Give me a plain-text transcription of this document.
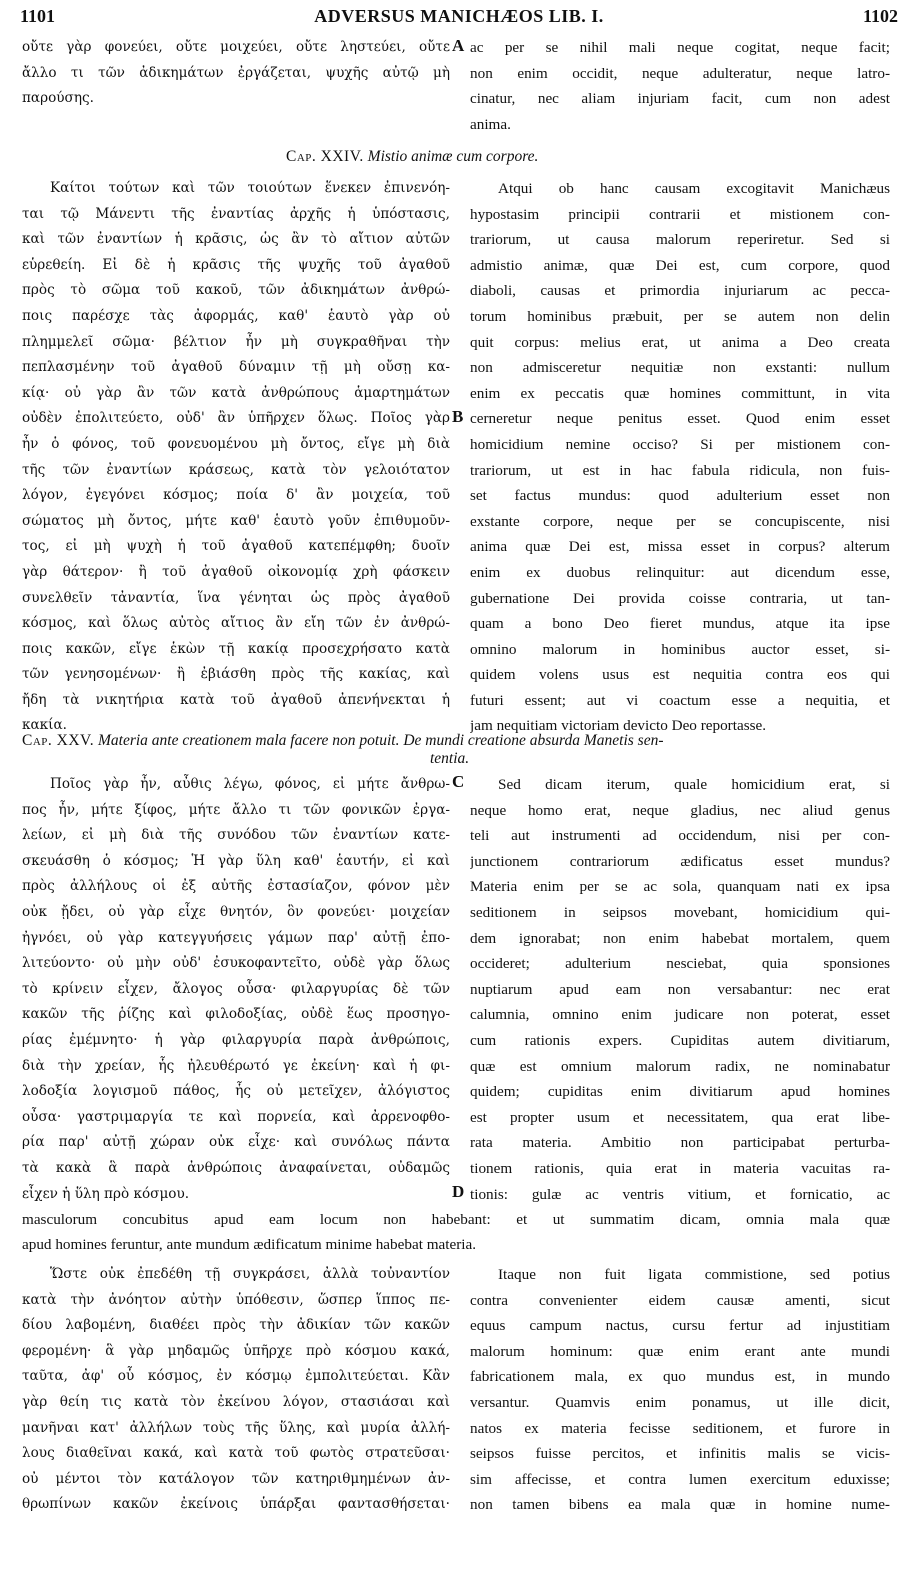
1101	ADVERSUS MANICHÆOS LIB. I.	1102
οὔτε γὰρ φονεύει, οὔτε μοιχεύει, οὔτε ληστεύει, οὔτε
ἄλλο τι τῶν ἀδικημάτων ἐργάζεται, ψυχῆς αὐτῷ μὴ
παρούσης.
ac per se nihil mali neque cogitat, neque facit;
non enim occidit, neque adulteratur, neque latro-
cinatur, nec aliam injuriam facit, cum non adest
anima.
A
Cap. XXIV. Mistio animæ cum corpore.
Καίτοι τούτων καὶ τῶν τοιούτων ἕνεκεν ἐπινενόη-
ται τῷ Μάνεντι τῆς ἐναντίας ἀρχῆς ἡ ὑπόστασις,
καὶ τῶν ἐναντίων ἡ κρᾶσις, ὡς ἂν τὸ αἴτιον αὐτῶν
εὑρεθείη. Εἰ δὲ ἡ κρᾶσις τῆς ψυχῆς τοῦ ἀγαθοῦ
πρὸς τὸ σῶμα τοῦ κακοῦ, τῶν ἀδικημάτων ἀνθρώ-
ποις παρέσχε τὰς ἀφορμάς, καθ' ἑαυτὸ γὰρ οὐ
πλημμελεῖ σῶμα· βέλτιον ἦν μὴ συγκραθῆναι τὴν
πεπλασμένην τοῦ ἀγαθοῦ δύναμιν τῇ μὴ οὔσῃ κα-
κίᾳ· οὐ γὰρ ἂν τῶν κατὰ ἀνθρώπους ἁμαρτημάτων
οὐδὲν ἐπολιτεύετο, οὐδ' ἂν ὑπῆρχεν ὅλως. Ποῖος γὰρ
ἦν ὁ φόνος, τοῦ φονευομένου μὴ ὄντος, εἴγε μὴ διὰ
τῆς τῶν ἐναντίων κράσεως, κατὰ τὸν γελοιότατον
λόγον, ἐγεγόνει κόσμος; ποία δ' ἂν μοιχεία, τοῦ
σώματος μὴ ὄντος, μήτε καθ' ἑαυτὸ γοῦν ἐπιθυμοῦν-
τος, εἰ μὴ ψυχὴ ἡ τοῦ ἀγαθοῦ κατεπέμφθη; δυοῖν
γὰρ θάτερον· ἢ τοῦ ἀγαθοῦ οἰκονομίᾳ χρὴ φάσκειν
συνελθεῖν τἀναντία, ἵνα γένηται ὡς πρὸς ἀγαθοῦ
κόσμος, καὶ ὅλως αὐτὸς αἴτιος ἂν εἴη τῶν ἐν ἀνθρώ-
ποις κακῶν, εἴγε ἑκὼν τῇ κακίᾳ προσεχρήσατο κατὰ
τῶν γενησομένων· ἢ ἐβιάσθη πρὸς τῆς κακίας, καὶ
ἤδη τὰ νικητήρια κατὰ τοῦ ἀγαθοῦ ἀπενήνεκται ἡ
κακία.
Atqui ob hanc causam excogitavit Manichæus
hypostasim principii contrarii et mistionem con-
trariorum, ut causa malorum reperiretur. Sed si
admistio animæ, quæ Dei est, cum corpore, quod
diaboli, causas et primordia injuriarum ac pecca-
torum hominibus præbuit, per se autem non delin
quit corpus: melius erat, ut anima a Deo creata
non admisceretur nequitiæ non exstanti: nullum
enim ex peccatis quæ homines committunt, in vita
cerneretur neque penitus esset. Quod enim esset
homicidium nemine occiso? Si per mistionem con-
trariorum, ut est in hac fabula ridicula, non fuis-
set factus mundus: quod adulterium esset non
exstante corpore, neque per se concupiscente, nisi
anima quæ Dei est, missa esset in corpus? alterum
enim ex duobus relinquitur: aut dicendum esse,
gubernatione Dei provida coisse contraria, ut tan-
quam a bono Deo fieret mundus, atque ita ipse
omnino malorum in hominibus auctor esset, si-
quidem volens usus est nequitia contra eos qui
futuri essent; aut vi coactum esse a nequitia, et
jam nequitiam victoriam devicto Deo reportasse.
B
Cap. XXV. Materia ante creationem mala facere non potuit. De mundi creatione absurda Manetis sen-
tentia.
Ποῖος γὰρ ἦν, αὖθις λέγω, φόνος, εἰ μήτε ἄνθρω-
πος ἦν, μήτε ξίφος, μήτε ἄλλο τι τῶν φονικῶν ἐργα-
λείων, εἰ μὴ διὰ τῆς συνόδου τῶν ἐναντίων κατε-
σκευάσθη ὁ κόσμος; Ἡ γὰρ ὕλη καθ' ἑαυτήν, εἰ καὶ
πρὸς ἀλλήλους οἱ ἐξ αὐτῆς ἐστασίαζον, φόνον μὲν
οὐκ ᾔδει, οὐ γὰρ εἶχε θνητόν, ὃν φονεύει· μοιχείαν
ἠγνόει, οὐ γὰρ κατεγγυήσεις γάμων παρ' αὐτῇ ἐπο-
λιτεύοντο· οὐ μὴν οὐδ' ἐσυκοφαντεῖτο, οὐδὲ γὰρ ὅλως
τὸ κρίνειν εἶχεν, ἄλογος οὖσα· φιλαργυρίας δὲ τῶν
κακῶν τῆς ῥίζης καὶ φιλοδοξίας, οὐδὲ ἕως προσηγο-
ρίας ἐμέμνητο· ἡ γὰρ φιλαργυρία παρὰ ἀνθρώποις,
διὰ τὴν χρείαν, ἧς ἠλευθέρωτό γε ἐκείνη· καὶ ἡ φι-
λοδοξία λογισμοῦ πάθος, ἧς οὐ μετεῖχεν, ἀλόγιστος
οὖσα· γαστριμαργία τε καὶ πορνεία, καὶ ἀρρενοφθο-
ρία παρ' αὐτῇ χώραν οὐκ εἶχε· καὶ συνόλως πάντα
τὰ κακὰ ἃ παρὰ ἀνθρώποις ἀναφαίνεται, οὐδαμῶς
εἶχεν ἡ ὕλη πρὸ κόσμου.
Sed dicam iterum, quale homicidium erat, si
neque homo erat, neque gladius, nec aliud genus
teli aut instrumenti ad occidendum, nisi per con-
junctionem contrariorum ædificatus esset mundus?
Materia enim per se ac sola, quanquam nati ex ipsa
seditionem in seipsos movebant, homicidium qui-
dem ignorabat; non enim habebat mortalem, quem
occideret; adulterium nesciebat, quia sponsiones
nuptiarum apud eam non versabantur: nec erat
calumnia, omnino enim judicare non poterat, esset
cum rationis expers. Cupiditas autem divitiarum,
quæ est omnium malorum radix, ne nominabatur
quidem; cupiditas enim divitiarum apud homines
est propter usum et necessitatem, qua erat libe-
rata materia. Ambitio non participabat perturba-
tionem rationis, quia erat in materia vacuitas ra-
tionis: gulæ ac ventris vitium, et fornicatio, ac
C
D
masculorum concubitus apud eam locum non habebant: et ut summatim dicam, omnia mala quæ
apud homines feruntur, ante mundum ædificatum minime habebat materia.
Ὥστε οὐκ ἐπεδέθη τῇ συγκράσει, ἀλλὰ τοὐναντίον
κατὰ τὴν ἀνόητον αὐτὴν ὑπόθεσιν, ὥσπερ ἵππος πε-
δίου λαβομένη, διαθέει πρὸς τὴν ἀδικίαν τῶν κακῶν
φερομένη· ἃ γὰρ μηδαμῶς ὑπῆρχε πρὸ κόσμου κακά,
ταῦτα, ἀφ' οὗ κόσμος, ἐν κόσμῳ ἐμπολιτεύεται. Κἂν
γὰρ θείη τις κατὰ τὸν ἐκείνου λόγον, στασιάσαι καὶ
μανῆναι κατ' ἀλλήλων τοὺς τῆς ὕλης, καὶ μυρία ἀλλή-
λους διαθεῖναι κακά, καὶ κατὰ τοῦ φωτὸς στρατεῦσαι·
οὐ μέντοι τὸν κατάλογον τῶν κατηριθμημένων ἀν-
θρωπίνων κακῶν ἐκείνοις ὑπάρξαι φαντασθήσεται·
Itaque non fuit ligata commistione, sed potius
contra convenienter eidem causæ amenti, sicut
equus campum nactus, cursu fertur ad injustitiam
malorum hominum: quæ enim erant ante mundi
fabricationem mala, ex quo mundus est, in mundo
versantur. Quamvis enim ponamus, ut ille dicit,
natos ex materia fecisse seditionem, et furore in
seipsos fuisse percitos, et infinitis malis se vicis-
sim affecisse, et contra lumen exercitum eduxisse;
non tamen bibens ea mala quæ in homine nume-
